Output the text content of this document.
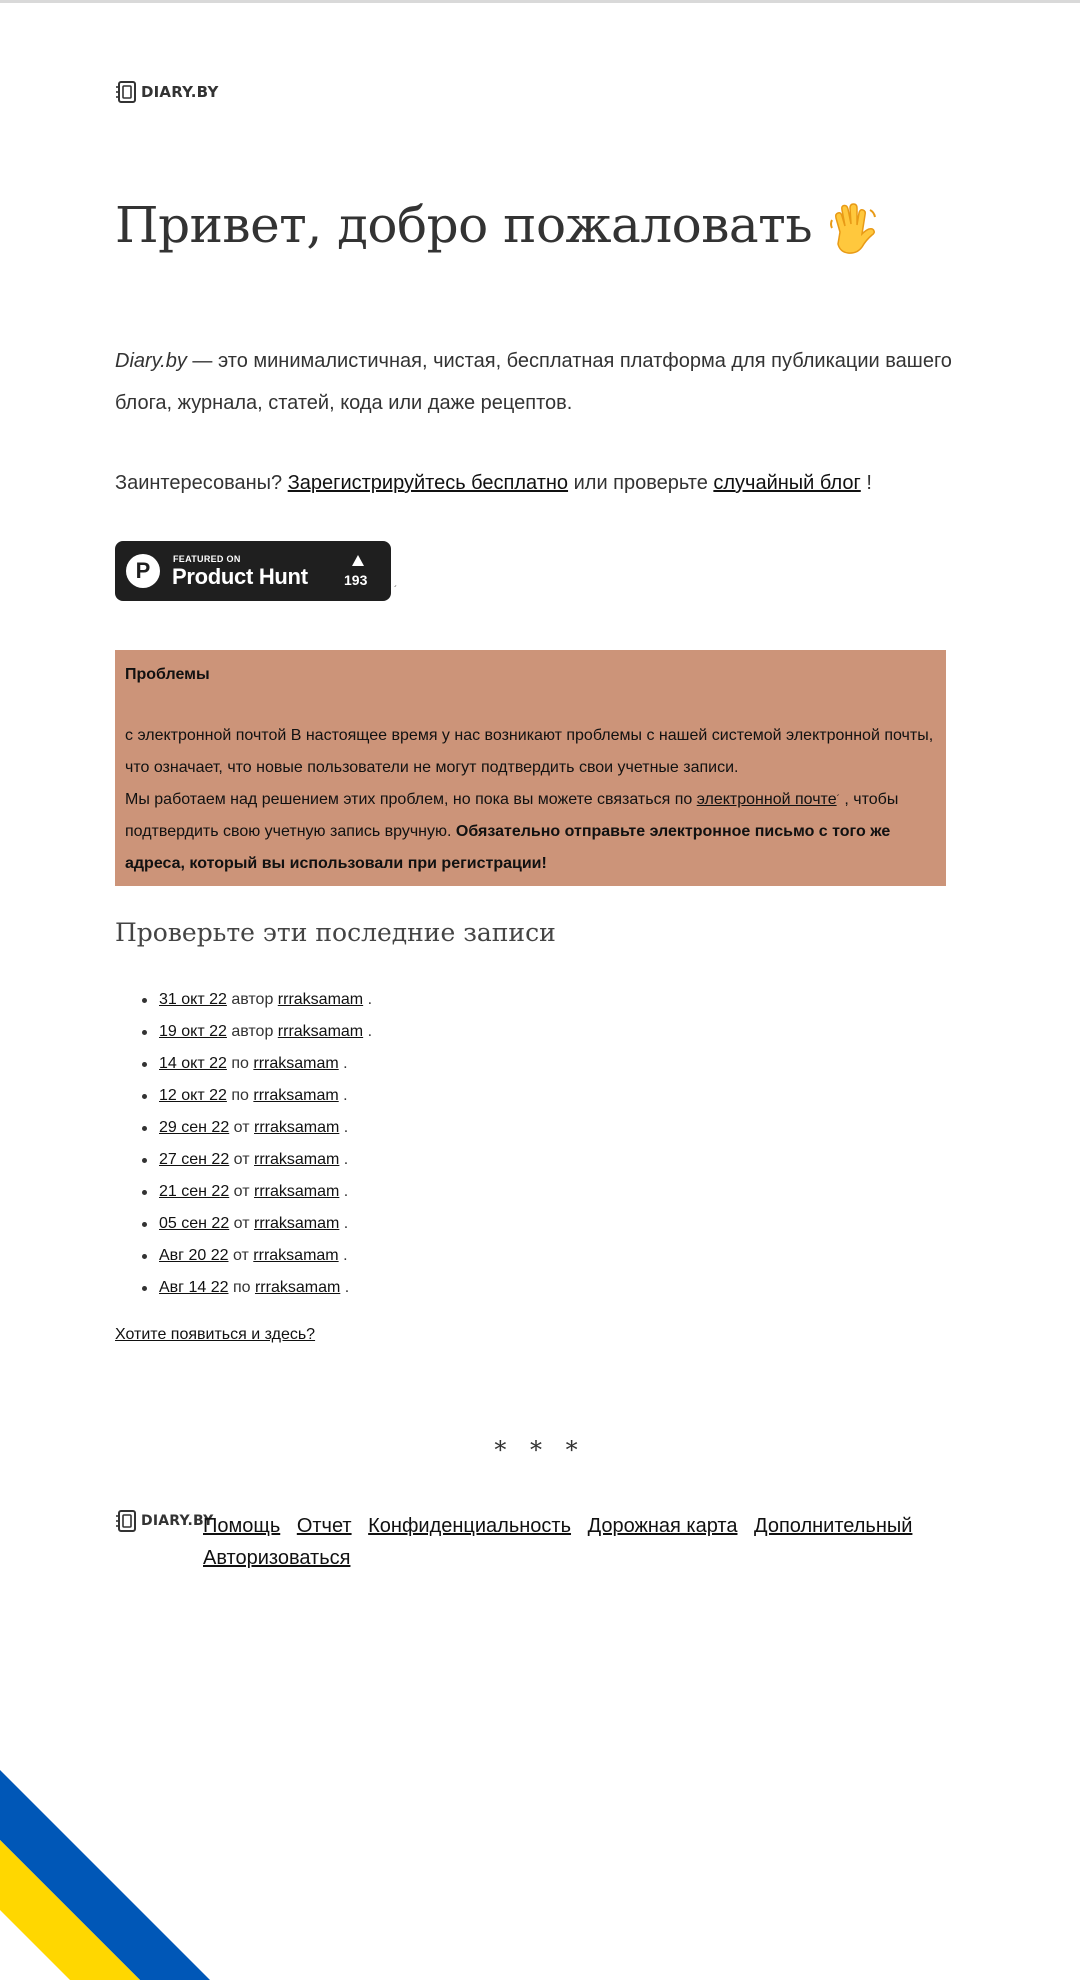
DIARY.BY
Привет, добро пожаловать

Diary.by — это минималистичная, чистая, бесплатная платформа для публикации вашего блога, журнала, статей, кода или даже рецептов.

Заинтересованы? Зарегистрируйтесь бесплатно или проверьте случайный блог !

P	FEATURED ON
Product Hunt	193
´
Проблемы
с электронной почтой В настоящее время у нас возникают проблемы с нашей системой электронной почты, что означает, что новые пользователи не могут подтвердить свои учетные записи.
Мы работаем над решением этих проблем, но пока вы можете связаться по электронной почте´ , чтобы подтвердить свою учетную запись вручную. Обязательно отправьте электронное письмо с того же адреса, который вы использовали при регистрации!
Проверьте эти последние записи
31 окт 22 автор rrraksamam .
19 окт 22 автор rrraksamam .
14 окт 22 по rrraksamam .
12 окт 22 по rrraksamam .
29 сен 22 от rrraksamam .
27 сен 22 от rrraksamam .
21 сен 22 от rrraksamam .
05 сен 22 от rrraksamam .
Авг 20 22 от rrraksamam .
Авг 14 22 по rrraksamam .
Хотите появиться и здесь?
* * *
DIARY.BY
Помощь Отчет Конфиденциальность Дорожная карта Дополнительный Авторизоваться
